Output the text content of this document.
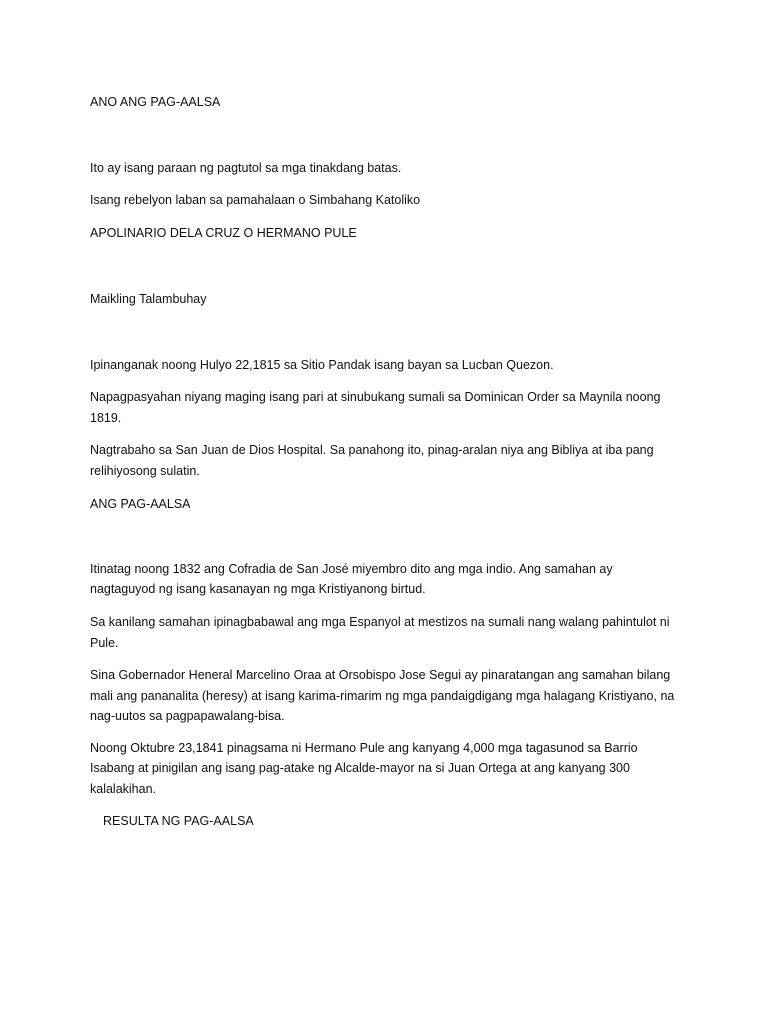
ANO ANG PAG-AALSA
Ito ay isang paraan ng pagtutol sa mga tinakdang batas.
Isang rebelyon laban sa pamahalaan o Simbahang Katoliko
APOLINARIO DELA CRUZ O HERMANO PULE
Maikling Talambuhay
Ipinanganak noong Hulyo 22,1815 sa Sitio Pandak isang bayan sa Lucban Quezon.
Napagpasyahan niyang maging isang pari at sinubukang sumali sa Dominican Order sa Maynila noong
1819.
Nagtrabaho sa San Juan de Dios Hospital. Sa panahong ito, pinag-aralan niya ang Bibliya at iba pang
relihiyosong sulatin.
ANG PAG-AALSA
Itinatag noong 1832 ang Cofradia de San José miyembro dito ang mga indio. Ang samahan ay
nagtaguyod ng isang kasanayan ng mga Kristiyanong birtud.
Sa kanilang samahan ipinagbabawal ang mga Espanyol at mestizos na sumali nang walang pahintulot ni
Pule.
Sina Gobernador Heneral Marcelino Oraa at Orsobispo Jose Segui ay pinaratangan ang samahan bilang
mali ang pananalita (heresy) at isang karima-rimarim ng mga pandaigdigang mga halagang Kristiyano, na
nag-uutos sa pagpapawalang-bisa.
Noong Oktubre 23,1841 pinagsama ni Hermano Pule ang kanyang 4,000 mga tagasunod sa Barrio
Isabang at pinigilan ang isang pag-atake ng Alcalde-mayor na si Juan Ortega at ang kanyang 300
kalalakihan.
RESULTA NG PAG-AALSA
